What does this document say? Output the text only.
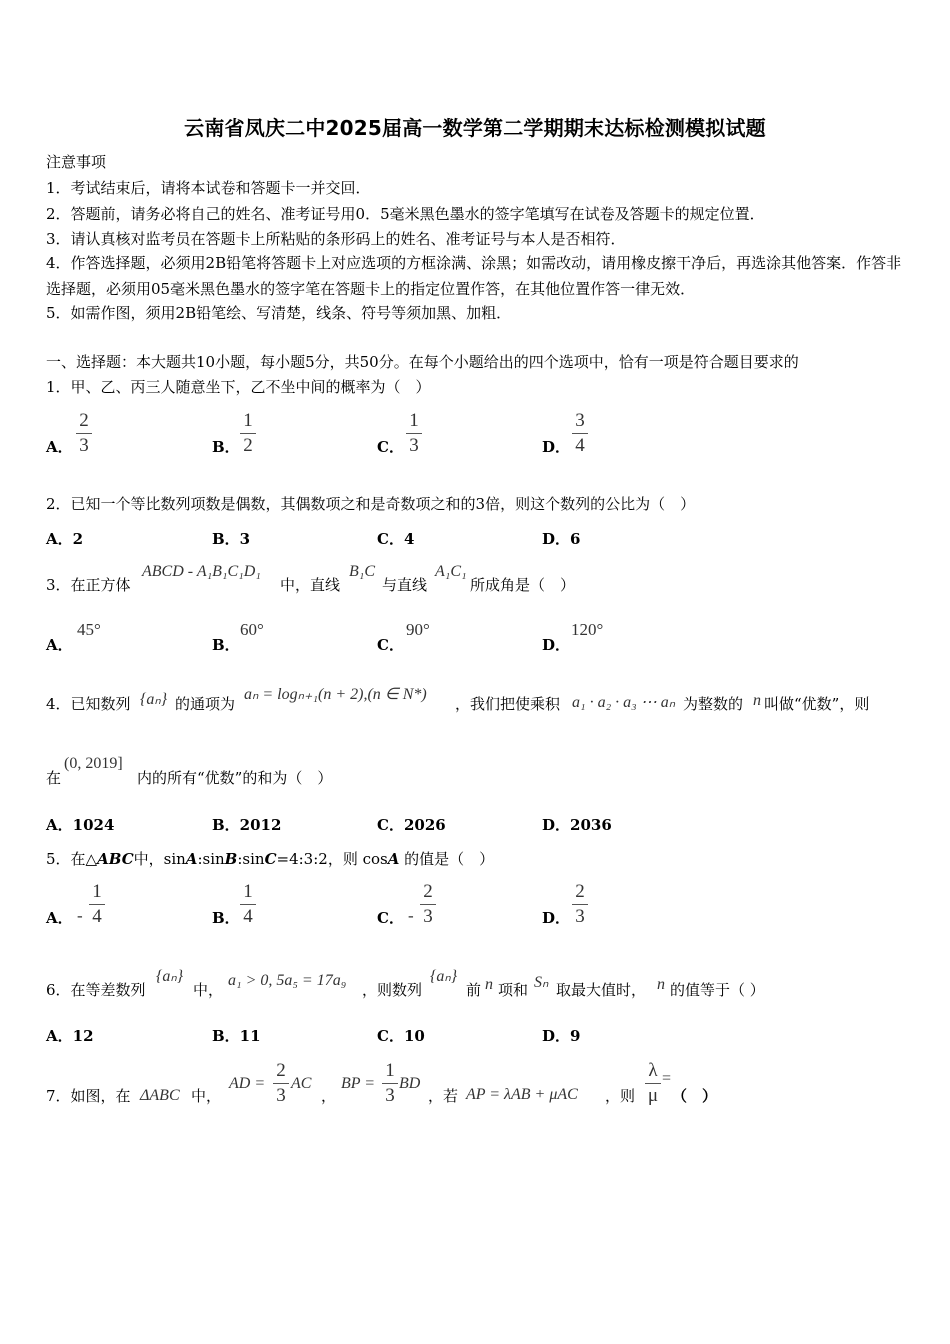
云南省凤庆二中2025届高一数学第二学期期末达标检测模拟试题
注意事项
1．考试结束后，请将本试卷和答题卡一并交回．
2．答题前，请务必将自己的姓名、准考证号用0．5毫米黑色墨水的签字笔填写在试卷及答题卡的规定位置．
3．请认真核对监考员在答题卡上所粘贴的条形码上的姓名、准考证号与本人是否相符．
4．作答选择题，必须用2B铅笔将答题卡上对应选项的方框涂满、涂黑；如需改动，请用橡皮擦干净后，再选涂其他答案．作答非选择题，必须用05毫米黑色墨水的签字笔在答题卡上的指定位置作答，在其他位置作答一律无效．
5．如需作图，须用2B铅笔绘、写清楚，线条、符号等须加黑、加粗．
一、选择题：本大题共10小题，每小题5分，共50分。在每个小题给出的四个选项中，恰有一项是符合题目要求的
1．甲、乙、丙三人随意坐下，乙不坐中间的概率为（　）
A．
2
3	B．
1
2	C．
1
3	D．
3
4
2．已知一个等比数列项数是偶数，其偶数项之和是奇数项之和的3倍，则这个数列的公比为（　）
A．2	B．3	C．4	D．6
3．在正方体
ABCD - A₁B₁C₁D₁
中，直线
B₁C
与直线
A₁C₁
所成角是（　）
A．
45°
B．
60°
C．
90°
D．
120°
4．已知数列 {aₙ} 的通项为
aₙ = logₙ₊₁(n + 2),(n ∈ N*)
，我们把使乘积 a₁ · a₂ · a₃ ⋯ aₙ 为整数的 n 叫做“优数”，则
在
(0, 2019]
内的所有“优数”的和为（　）
A．1024	B．2012	C．2026	D．2036
5．在△ABC中，sinA:sinB:sinC=4:3:2，则 cosA 的值是（　）
A． -
1
4	B．
1
4	C． -
2
3	D．
2
3
6．在等差数列
{aₙ}
中，
a₁ > 0, 5a₅ = 17a₉
，则数列
{aₙ}
前 n 项和 Sₙ 取最大值时， n 的值等于（ ）
A．12	B．11	C．10	D．9
7．如图，在 ΔABC 中，
AD =
2
3
AC
，
BP =
1
3
BD
，若 AP = λAB + μAC ，则
λ
μ
=
（　）
